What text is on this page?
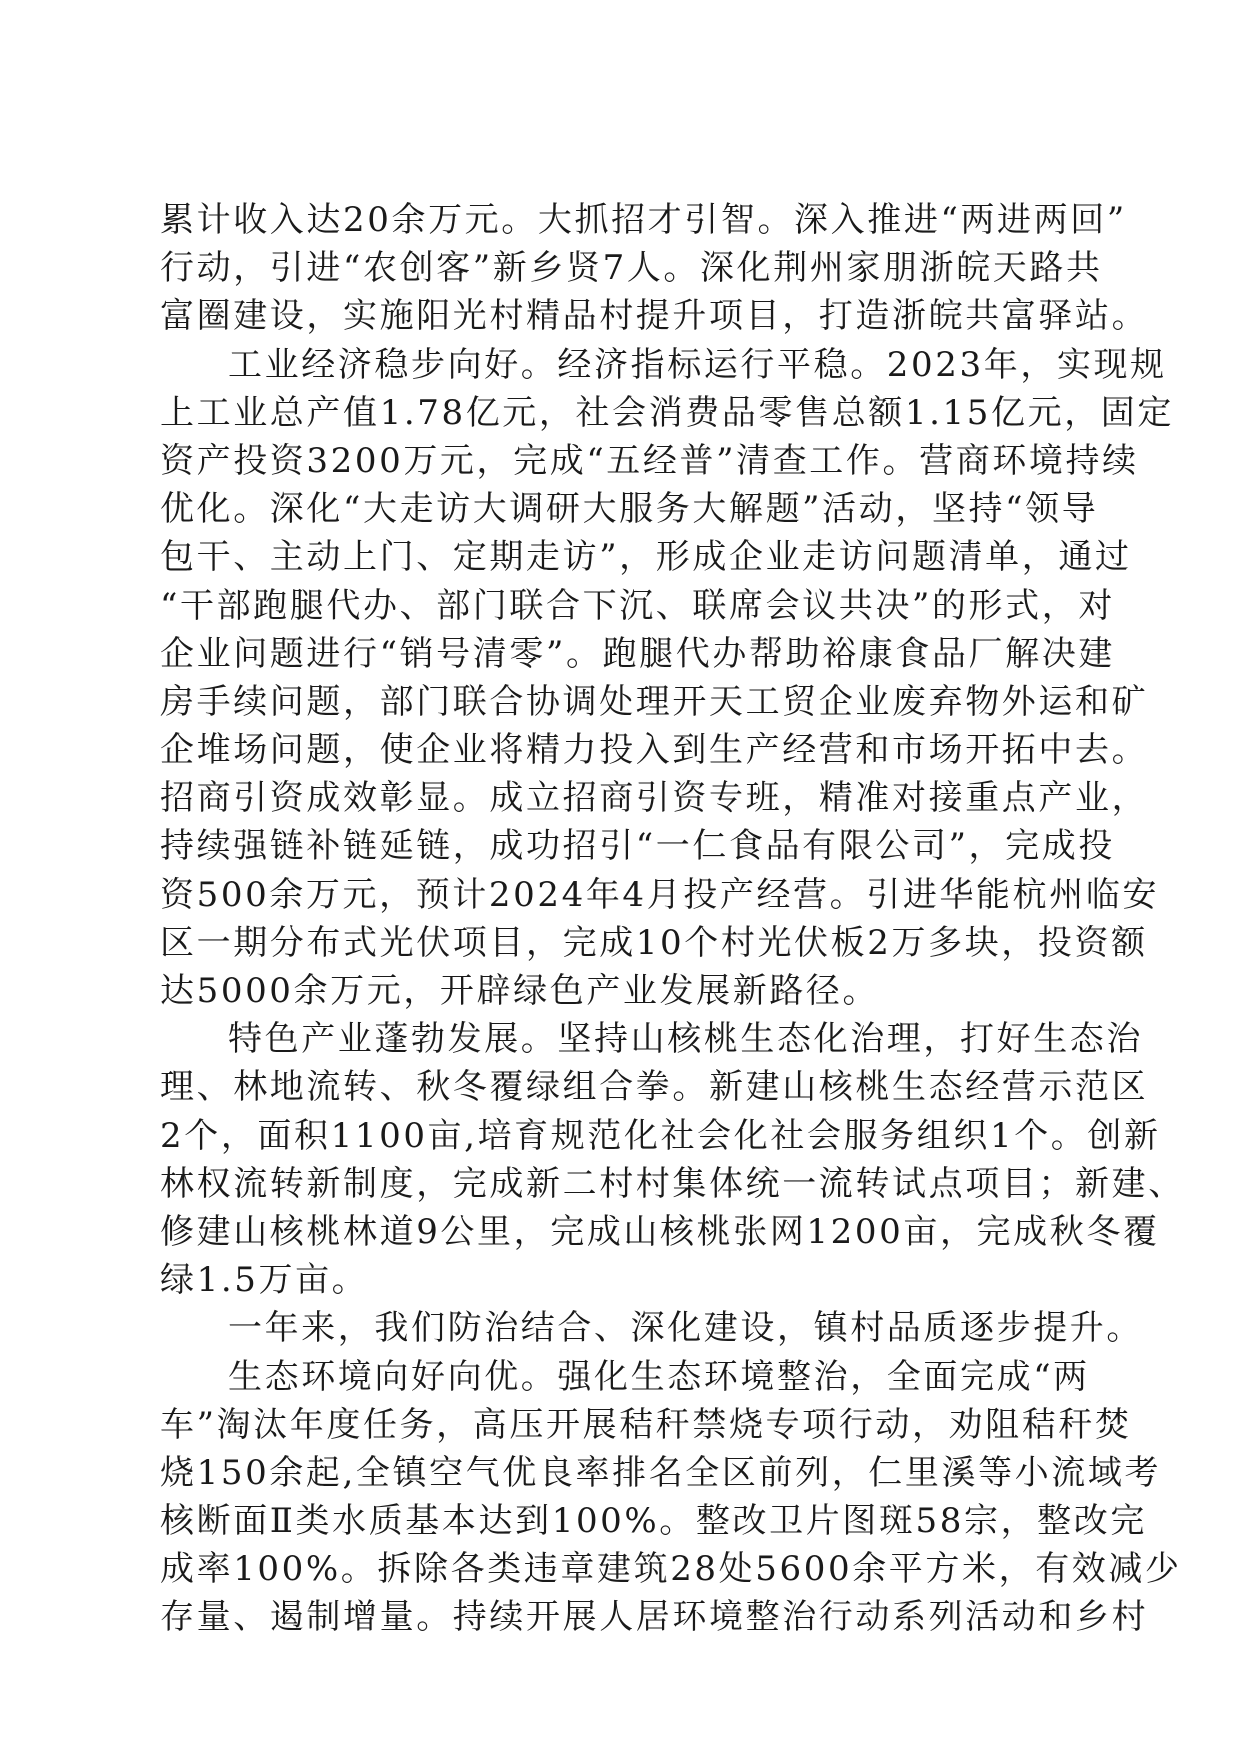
累计收入达20余万元。大抓招才引智。深入推进“两进两回”
行动，引进“农创客”新乡贤7人。深化荆州家朋浙皖天路共
富圈建设，实施阳光村精品村提升项目，打造浙皖共富驿站。
工业经济稳步向好。经济指标运行平稳。2023年，实现规
上工业总产值1.78亿元，社会消费品零售总额1.15亿元，固定
资产投资3200万元，完成“五经普”清查工作。营商环境持续
优化。深化“大走访大调研大服务大解题”活动，坚持“领导
包干、主动上门、定期走访”，形成企业走访问题清单，通过
“干部跑腿代办、部门联合下沉、联席会议共决”的形式，对
企业问题进行“销号清零”。跑腿代办帮助裕康食品厂解决建
房手续问题，部门联合协调处理开天工贸企业废弃物外运和矿
企堆场问题，使企业将精力投入到生产经营和市场开拓中去。
招商引资成效彰显。成立招商引资专班，精准对接重点产业，
持续强链补链延链，成功招引“一仁食品有限公司”，完成投
资500余万元，预计2024年4月投产经营。引进华能杭州临安
区一期分布式光伏项目，完成10个村光伏板2万多块，投资额
达5000余万元，开辟绿色产业发展新路径。
特色产业蓬勃发展。坚持山核桃生态化治理，打好生态治
理、林地流转、秋冬覆绿组合拳。新建山核桃生态经营示范区
2个，面积1100亩,培育规范化社会化社会服务组织1个。创新
林权流转新制度，完成新二村村集体统一流转试点项目；新建、
修建山核桃林道9公里，完成山核桃张网1200亩，完成秋冬覆
绿1.5万亩。
一年来，我们防治结合、深化建设，镇村品质逐步提升。
生态环境向好向优。强化生态环境整治，全面完成“两
车”淘汰年度任务，高压开展秸秆禁烧专项行动，劝阻秸秆焚
烧150余起,全镇空气优良率排名全区前列，仁里溪等小流域考
核断面Ⅱ类水质基本达到100%。整改卫片图斑58宗，整改完
成率100%。拆除各类违章建筑28处5600余平方米，有效减少
存量、遏制增量。持续开展人居环境整治行动系列活动和乡村
